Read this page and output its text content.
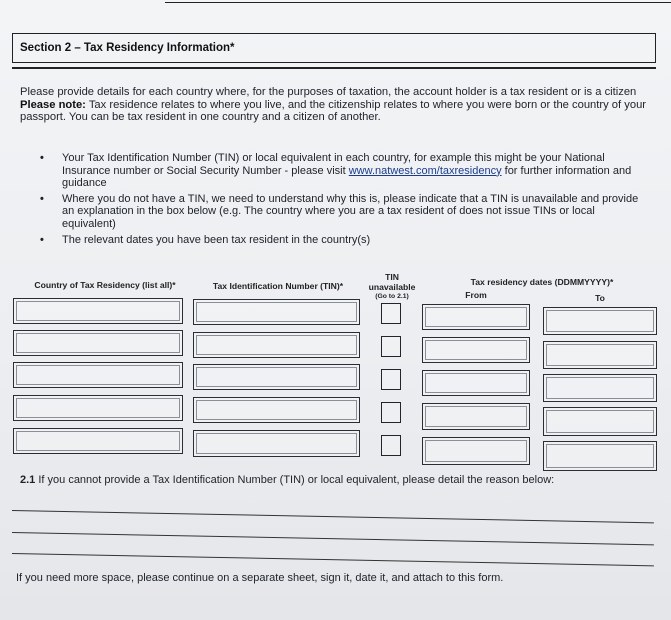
Section 2 – Tax Residency Information*

Please provide details for each country where, for the purposes of taxation, the account holder is a tax resident or is a citizen

Please note: Tax residence relates to where you live, and the citizenship relates to where you were born or the country of your passport. You can be tax resident in one country and a citizen of another.

• Your Tax Identification Number (TIN) or local equivalent in each country, for example this might be your National Insurance number or Social Security Number - please visit www.natwest.com/taxresidency for further information and guidance
• Where you do not have a TIN, we need to understand why this is, please indicate that a TIN is unavailable and provide an explanation in the box below (e.g. The country where you are a tax resident of does not issue TINs or local equivalent)
• The relevant dates you have been tax resident in the country(s)
Country of Tax Residency (list all)*	Tax Identification Number (TIN)*
TIN
unavailable
(Go to 2.1)
Tax residency dates (DDMMYYYY)*
From	To
2.1 If you cannot provide a Tax Identification Number (TIN) or local equivalent, please detail the reason below:
If you need more space, please continue on a separate sheet, sign it, date it, and attach to this form.
